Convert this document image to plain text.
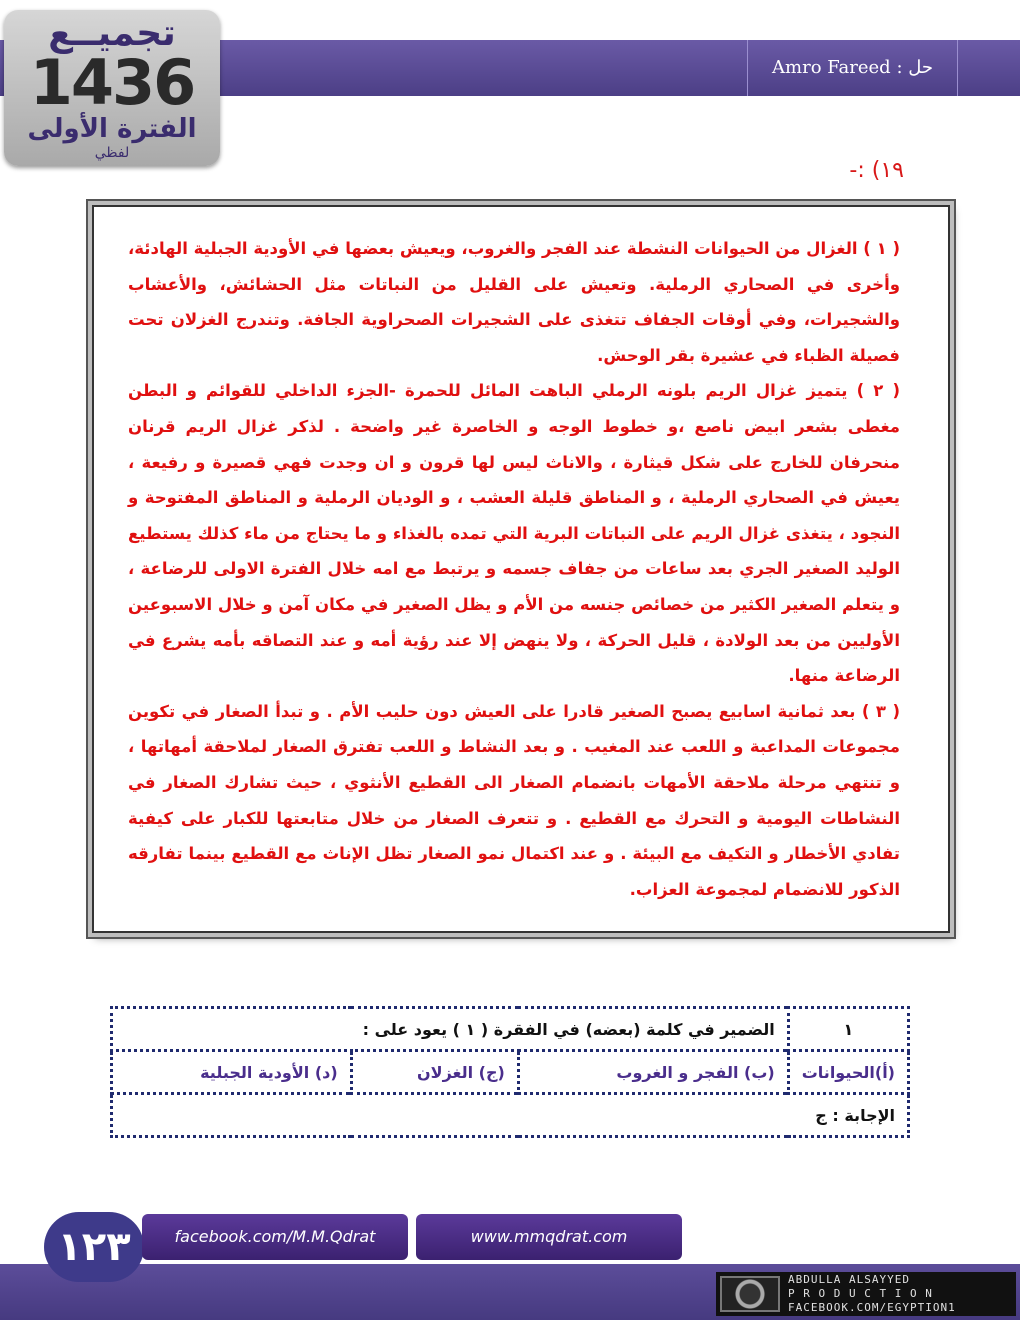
تجميــع
1436
الفترة الأولى
لفظي
حل : Amro Fareed
١٩) :-

( ١ ) الغزال من الحيوانات النشطة عند الفجر والغروب، ويعيش بعضها في الأودية الجبلية الهادئة، وأخرى في الصحاري الرملية. وتعيش على القليل من النباتات مثل الحشائش، والأعشاب والشجيرات، وفي أوقات الجفاف تتغذى على الشجيرات الصحراوية الجافة. وتندرج الغزلان تحت فصيلة الظباء في عشيرة بقر الوحش.

( ٢ ) يتميز غزال الريم بلونه الرملي الباهت المائل للحمرة -الجزء الداخلي للقوائم و البطن مغطى بشعر ابيض ناصع ،و خطوط الوجه و الخاصرة غير واضحة . لذكر غزال الريم قرنان منحرفان للخارج على شكل قيثارة ، والاناث ليس لها قرون و ان وجدت فهي قصيرة و رفيعة ، يعيش في الصحاري الرملية ، و المناطق قليلة العشب ، و الوديان الرملية و المناطق المفتوحة و النجود ، يتغذى غزال الريم على النباتات البرية التي تمده بالغذاء و ما يحتاج من ماء كذلك يستطيع الوليد الصغير الجري بعد ساعات من جفاف جسمه و يرتبط مع امه خلال الفترة الاولى للرضاعة ، و يتعلم الصغير الكثير من خصائص جنسه من الأم و يظل الصغير في مكان آمن و خلال الاسبوعين الأوليين من بعد الولادة ، قليل الحركة ، ولا ينهض إلا عند رؤية أمه و عند التصاقه بأمه يشرع في الرضاعة منها.

( ٣ ) بعد ثمانية اسابيع يصبح الصغير قادرا على العيش دون حليب الأم . و تبدأ الصغار في تكوين مجموعات المداعبة و اللعب عند المغيب . و بعد النشاط و اللعب تفترق الصغار لملاحقة أمهاتها ، و تنتهي مرحلة ملاحقة الأمهات بانضمام الصغار الى القطيع الأنثوي ، حيث تشارك الصغار في النشاطات اليومية و التحرك مع القطيع . و تتعرف الصغار من خلال متابعتها للكبار على كيفية تفادي الأخطار و التكيف مع البيئة . و عند اكتمال نمو الصغار تظل الإناث مع القطيع بينما تفارقه الذكور للانضمام لمجموعة العزاب.

١	الضمير في كلمة (بعضه) في الفقرة ( ١ ) يعود على :		
(أ)الحيوانات	(ب) الفجر و الغروب	(ج) الغزلان	(د) الأودية الجبلية
الإجابة : ج			
١٢٣	facebook.com/M.M.Qdrat	www.mmqdrat.com
ABDULLA ALSAYYED
P R O D U C T I O N
FACEBOOK.COM/EGYPTION1
